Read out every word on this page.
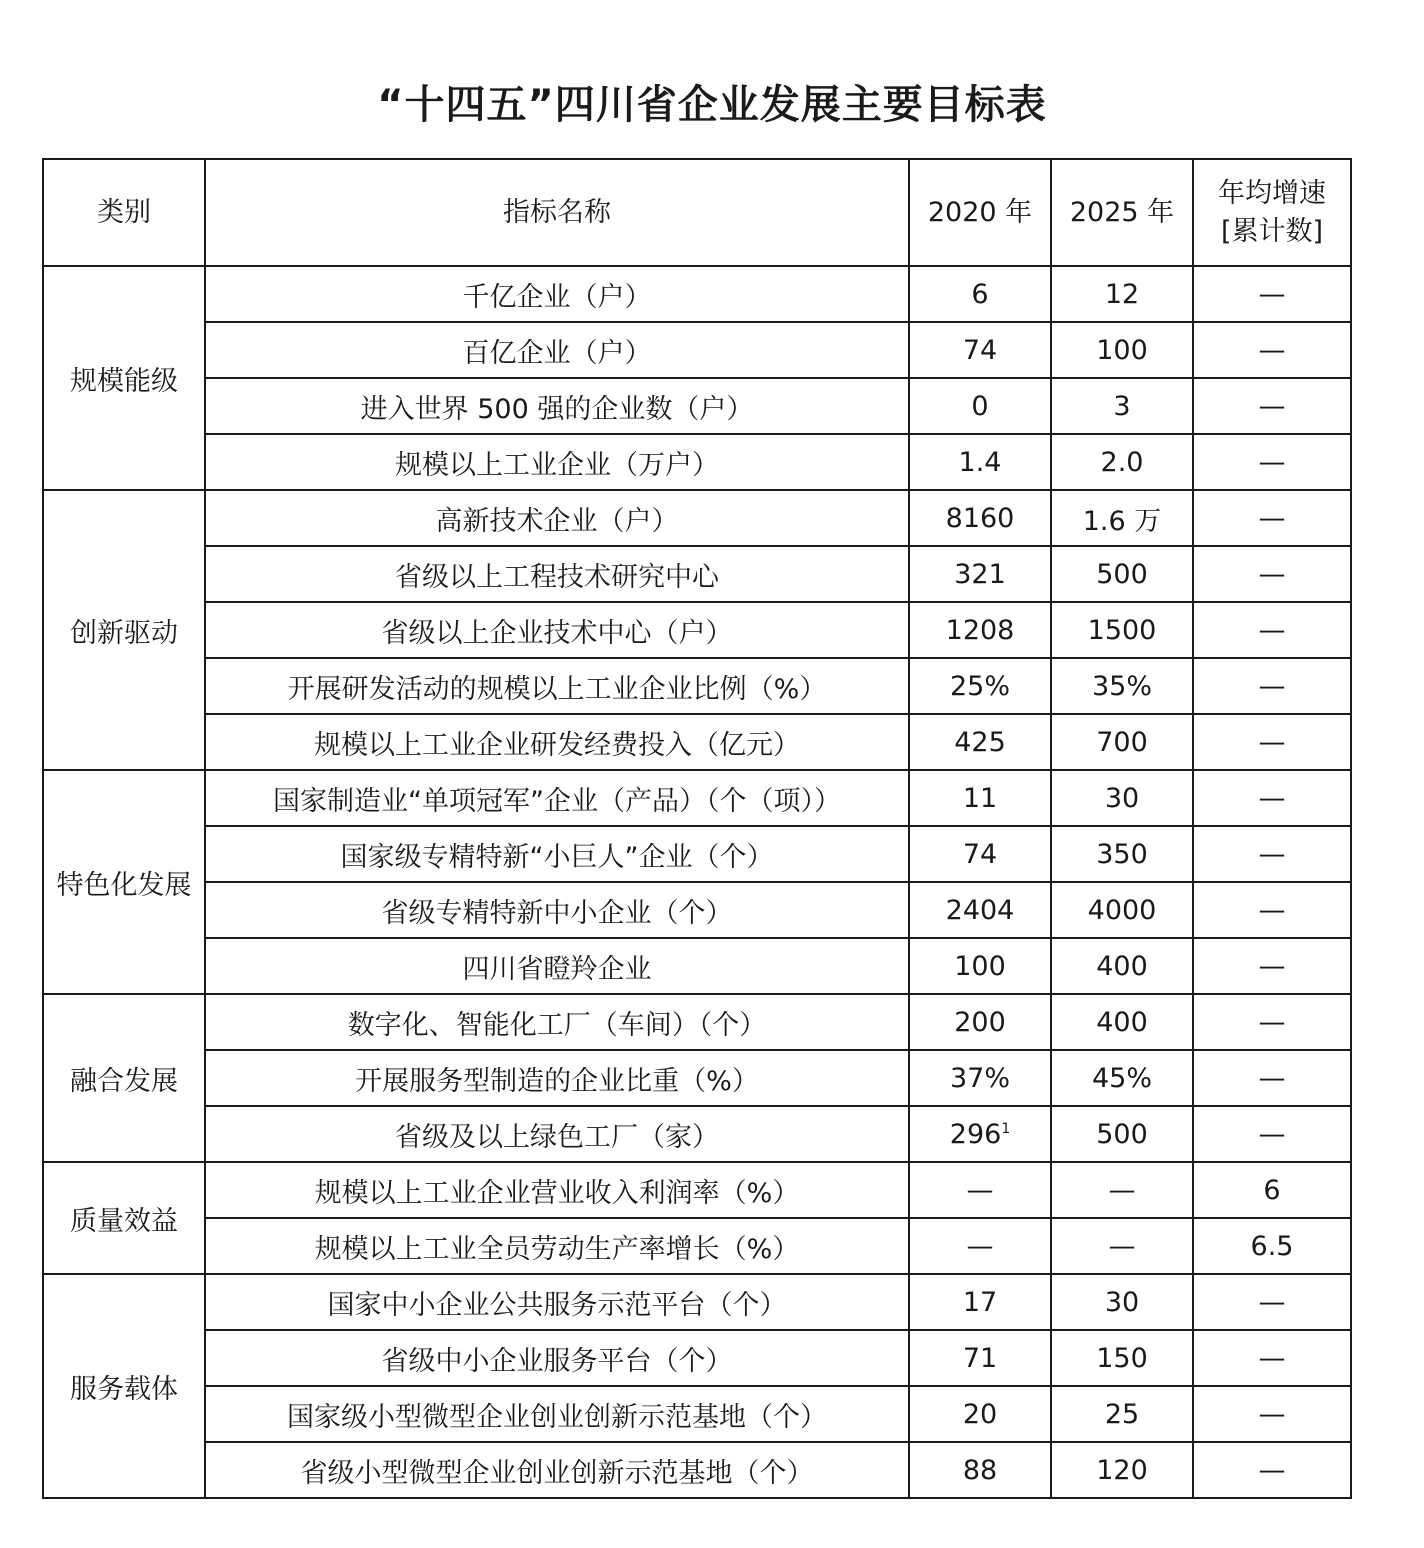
“十四五”四川省企业发展主要目标表
类别	指标名称	2020 年	2025 年	年均增速
[累计数]

规模能级	千亿企业（户）	6	12	—
	百亿企业（户）	74	100	—
	进入世界 500 强的企业数（户）	0	3	—
	规模以上工业企业（万户）	1.4	2.0	—
创新驱动	高新技术企业（户）	8160	1.6 万	—
	省级以上工程技术研究中心	321	500	—
	省级以上企业技术中心（户）	1208	1500	—
	开展研发活动的规模以上工业企业比例（%）	25%	35%	—
	规模以上工业企业研发经费投入（亿元）	425	700	—
特色化发展	国家制造业“单项冠军”企业（产品）（个（项））	11	30	—
	国家级专精特新“小巨人”企业（个）	74	350	—
	省级专精特新中小企业（个）	2404	4000	—
	四川省瞪羚企业	100	400	—
融合发展	数字化、智能化工厂（车间）（个）	200	400	—
	开展服务型制造的企业比重（%）	37%	45%	—
	省级及以上绿色工厂（家）	296$^1$	500	—
质量效益	规模以上工业企业营业收入利润率（%）	—	—	6
	规模以上工业全员劳动生产率增长（%）	—	—	6.5
服务载体	国家中小企业公共服务示范平台（个）	17	30	—
	省级中小企业服务平台（个）	71	150	—
	国家级小型微型企业创业创新示范基地（个）	20	25	—
	省级小型微型企业创业创新示范基地（个）	88	120	—
